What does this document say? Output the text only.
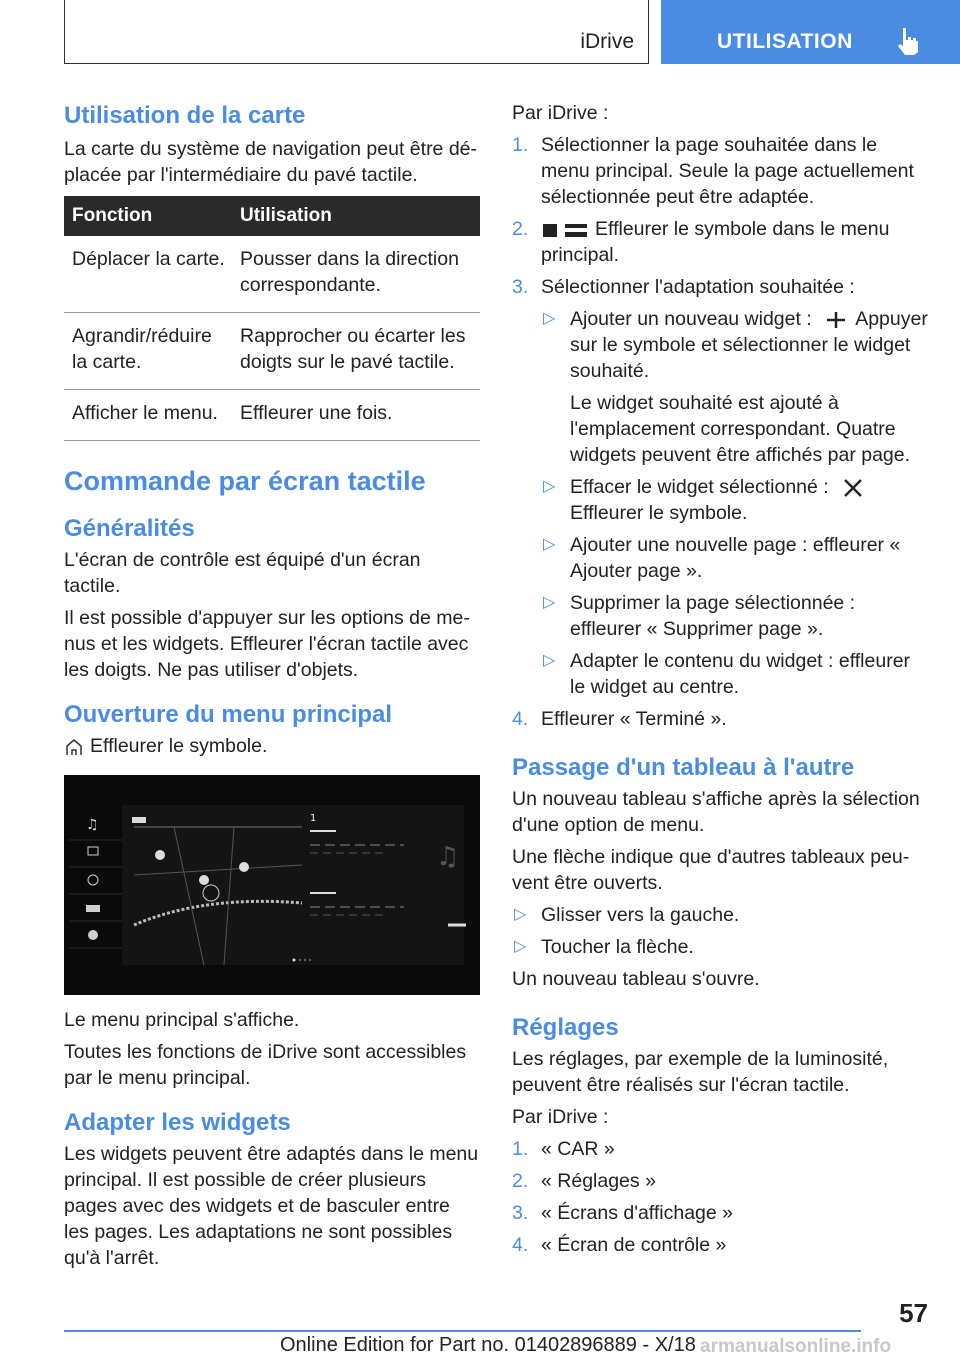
iDrive	UTILISATION
Utilisation de la carte

La carte du système de navigation peut être déplacée par l'intermédiaire du pavé tactile.

Fonction	Utilisation
Déplacer la carte.	Pousser dans la direction correspondante.
Agrandir/réduire la carte.	Rapprocher ou écarter les doigts sur le pavé tactile.
Afficher le menu.	Effleurer une fois.
Commande par écran tactile
Généralités

L'écran de contrôle est équipé d'un écran tactile.

Il est possible d'appuyer sur les options de menus et les widgets. Effleurer l'écran tactile avec les doigts. Ne pas utiliser d'objets.

Ouverture du menu principal

Effleurer le symbole.

♫	1
♫

Le menu principal s'affiche.

Toutes les fonctions de iDrive sont accessibles par le menu principal.

Adapter les widgets

Les widgets peuvent être adaptés dans le menu principal. Il est possible de créer plusieurs pages avec des widgets et de basculer entre les pages. Les adaptations ne sont possibles qu'à l'arrêt.

Par iDrive :

1. Sélectionner la page souhaitée dans le menu principal. Seule la page actuellement sélectionnée peut être adaptée.
2.	Effleurer le symbole dans le menu principal.
3. Sélectionner l'adaptation souhaitée :
▷ Ajouter un nouveau widget : Appuyer sur le symbole et sélectionner le widget souhaité.

Le widget souhaité est ajouté à l'emplacement correspondant. Quatre widgets peuvent être affichés par page.

▷ Effacer le widget sélectionné : Effleurer le symbole.
▷ Ajouter une nouvelle page : effleurer « Ajouter page ».
▷ Supprimer la page sélectionnée : effleurer « Supprimer page ».
▷ Adapter le contenu du widget : effleurer le widget au centre.
4. Effleurer « Terminé ».
Passage d'un tableau à l'autre

Un nouveau tableau s'affiche après la sélection d'une option de menu.

Une flèche indique que d'autres tableaux peuvent être ouverts.

▷ Glisser vers la gauche.
▷ Toucher la flèche.

Un nouveau tableau s'ouvre.

Réglages

Les réglages, par exemple de la luminosité, peuvent être réalisés sur l'écran tactile.

Par iDrive :

1. « CAR »
2. « Réglages »
3. « Écrans d'affichage »
4. « Écran de contrôle »
57
Online Edition for Part no. 01402896889 - X/18 armanualsonline.info
